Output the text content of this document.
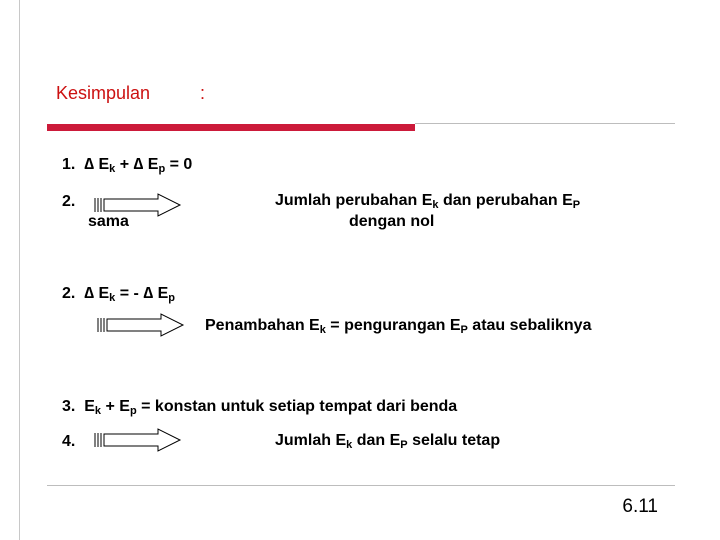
Kesimpulan	:
1. ∆ Ek + ∆ $E_p = 0$
2.
sama
Jumlah perubahan Ek dan perubahan $E_P$
dengan nol
2. ∆ Ek = - ∆ $E_p$
Penambahan Ek = pengurangan $E_P$ atau sebaliknya
3. $Ek + E_p$ = konstan untuk setiap tempat dari benda
4.	Jumlah Ek dan $E_P$ selalu tetap
6.11
